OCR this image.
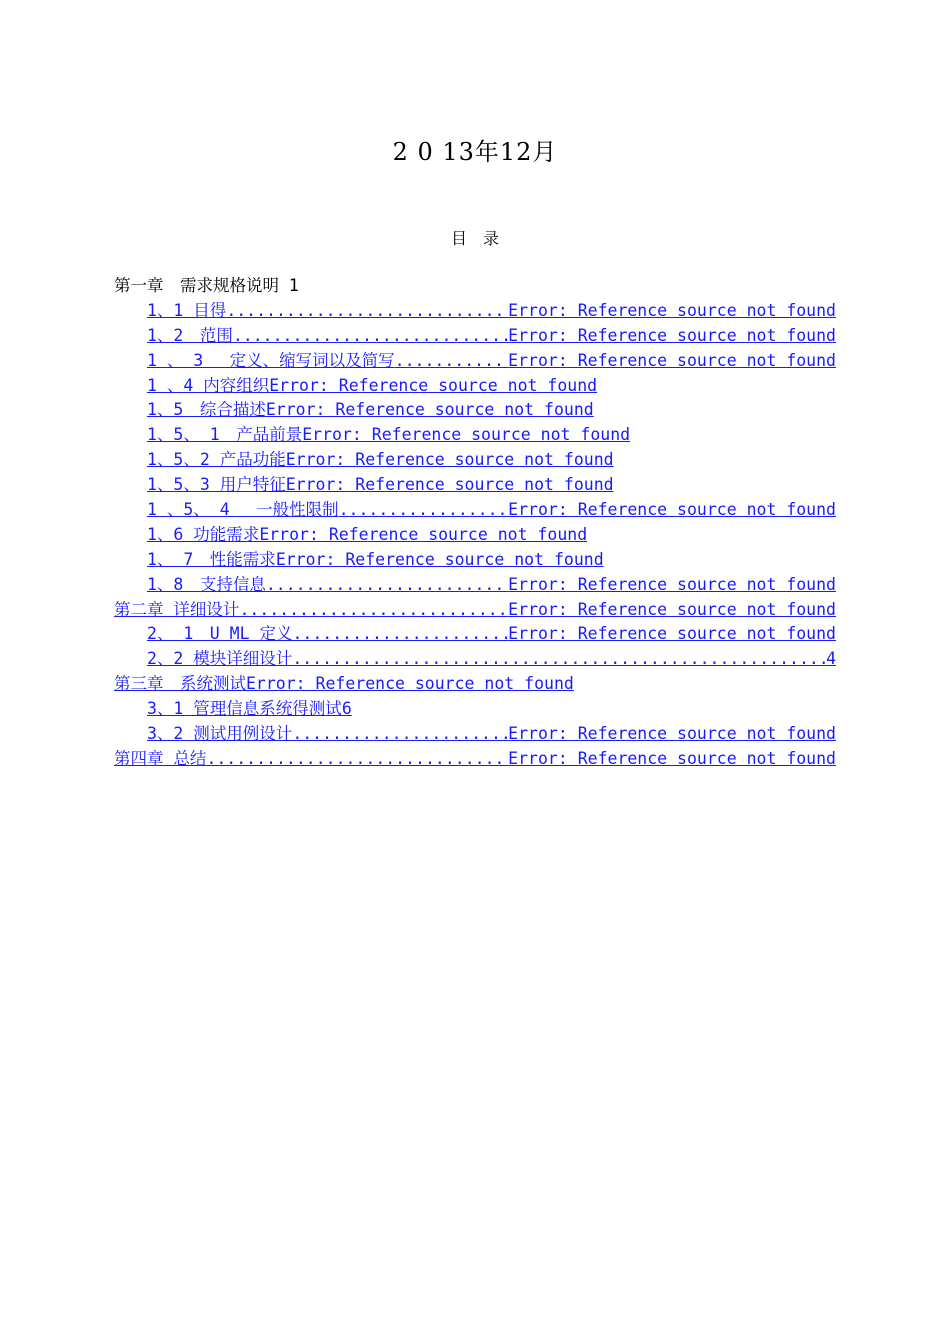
2 0 13年12月
目　录
第一章　需求规格说明 1
1、1 目得 .....	Error: Reference source not found
1、2　范围 .....	Error: Reference source not found
1 、 3　 定义、缩写词以及简写 .....	Error: Reference source not found
1 、4 内容组织 Error: Reference source not found
1、5　综合描述 Error: Reference source not found
1、5、 1　产品前景 Error: Reference source not found
1、5、2 产品功能 Error: Reference source not found
1、5、3 用户特征 Error: Reference source not found
1 、5、 4 　一般性限制 .....	Error: Reference source not found
1、6 功能需求 Error: Reference source not found
1、 7　性能需求 Error: Reference source not found
1、8　支持信息 .....	Error: Reference source not found
第二章 详细设计 .....	Error: Reference source not found
2、 1　U ML 定义 .....	Error: Reference source not found
2、2 模块详细设计 .....	4
第三章　系统测试 Error: Reference source not found
3、1 管理信息系统得测试 6
3、2 测试用例设计 .....	Error: Reference source not found
第四章 总结 .....	Error: Reference source not found
